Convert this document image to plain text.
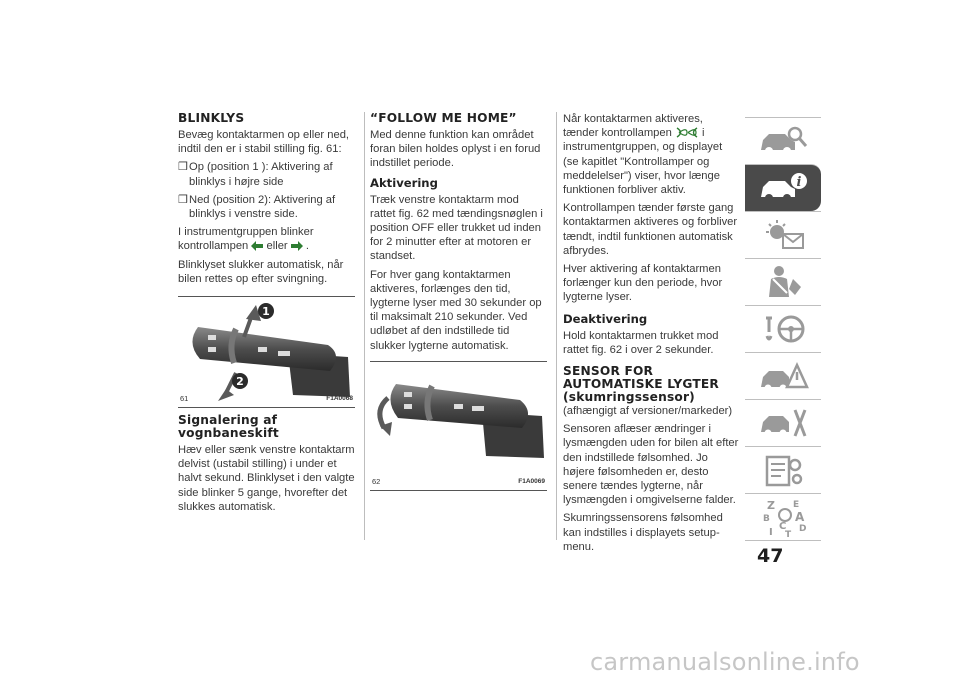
BLINKLYS

Bevæg kontaktarmen op eller ned, indtil den er i stabil stilling fig. 61:

❒ Op (position 1 ): Aktivering af blinklys i højre side
❒ Ned (position 2): Aktivering af blinklys i venstre side.

I instrumentgruppen blinker
kontrollampen eller .

Blinklyset slukker automatisk, når bilen rettes op efter svingning.

1
2
61	F1A0068
Signalering af vognbaneskift

Hæv eller sænk venstre kontaktarm delvist (ustabil stilling) i under et halvt sekund. Blinklyset i den valgte side blinker 5 gange, hvorefter det slukkes automatisk.

“FOLLOW ME HOME”

Med denne funktion kan området foran bilen holdes oplyst i en forud indstillet periode.

Aktivering

Træk venstre kontaktarm mod rattet fig. 62 med tændingsnøglen i position OFF eller trukket ud inden for 2 minutter efter at motoren er standset.

For hver gang kontaktarmen aktiveres, forlænges den tid, lygterne lyser med 30 sekunder op til maksimalt 210 sekunder. Ved udløbet af den indstillede tid slukker lygterne automatisk.

62	F1A0069

Når kontaktarmen aktiveres, tænder kontrollampen	i instrumentgruppen, og displayet (se kapitlet "Kontrollamper og meddelelser") viser, hvor længe funktionen forbliver aktiv.

Kontrollampen tænder første gang kontaktarmen aktiveres og forbliver tændt, indtil funktionen automatisk afbrydes.

Hver aktivering af kontaktarmen forlænger kun den periode, hvor lygterne lyser.

Deaktivering

Hold kontaktarmen trukket mod rattet fig. 62 i over 2 sekunder.

SENSOR FOR AUTOMATISKE LYGTER (skumringssensor)

(afhængigt af versioner/markeder)

Sensoren aflæser ændringer i lysmængden uden for bilen alt efter den indstillede følsomhed. Jo højere følsomheden er, desto senere tændes lygterne, når lysmængden i omgivelserne falder.

Skumringssensorens følsomhed kan indstilles i displayets setup-menu.

i
Z E
B A
C D
T
I
47
carmanualsonline.info
